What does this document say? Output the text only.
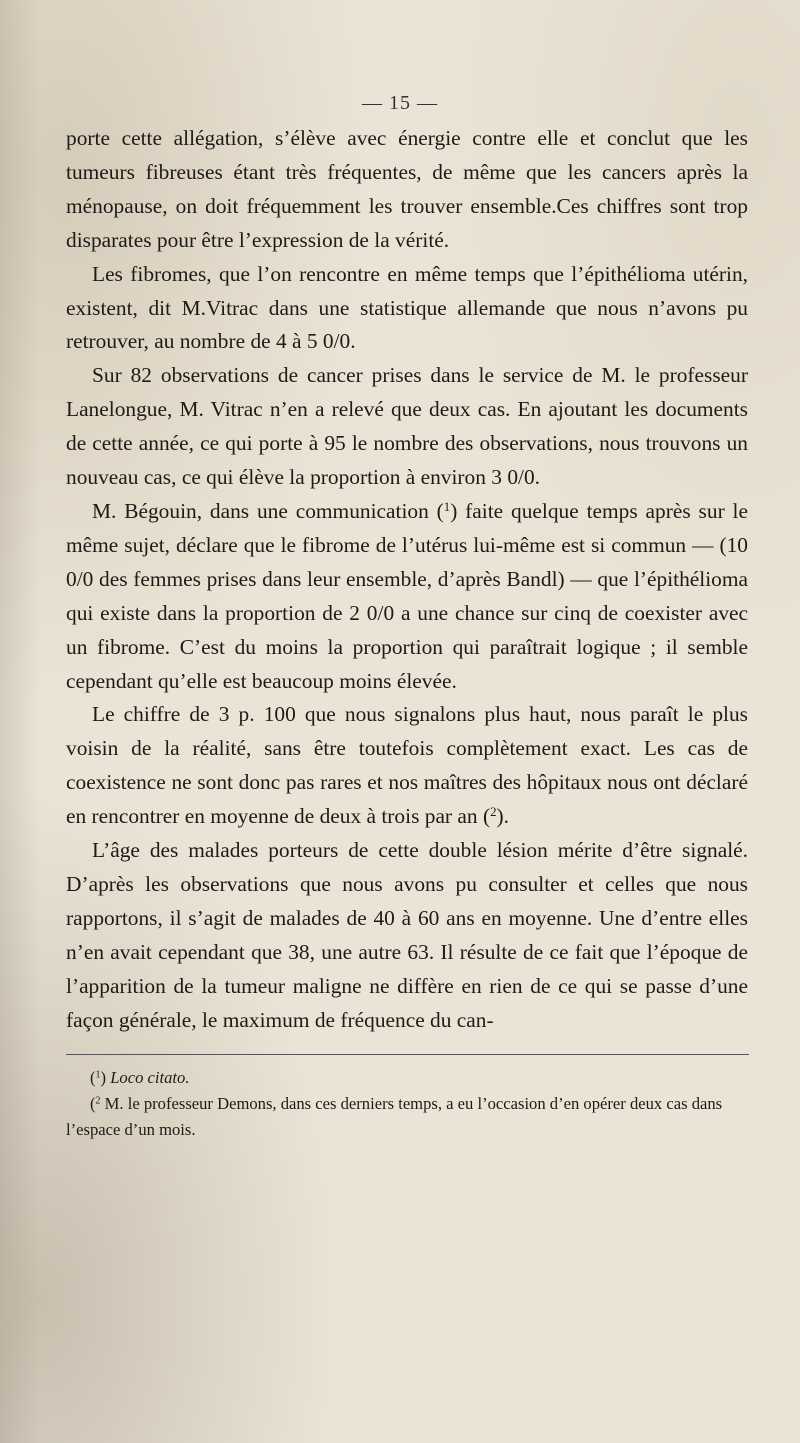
— 15 —

porte cette allégation, s’élève avec énergie contre elle et conclut que les tumeurs fibreuses étant très fréquentes, de même que les cancers après la ménopause, on doit fréquemment les trouver ensemble.Ces chiffres sont trop disparates pour être l’expression de la vérité.

Les fibromes, que l’on rencontre en même temps que l’épithélioma utérin, existent, dit M.Vitrac dans une statistique allemande que nous n’avons pu retrouver, au nombre de 4 à 5 0/0.

Sur 82 observations de cancer prises dans le service de M. le professeur Lanelongue, M. Vitrac n’en a relevé que deux cas. En ajoutant les documents de cette année, ce qui porte à 95 le nombre des observations, nous trouvons un nouveau cas, ce qui élève la proportion à environ 3 0/0.

M. Bégouin, dans une communication ($^1$) faite quelque temps après sur le même sujet, déclare que le fibrome de l’utérus lui-même est si commun — (10 0/0 des femmes prises dans leur ensemble, d’après Bandl) — que l’épithélioma qui existe dans la proportion de 2 0/0 a une chance sur cinq de coexister avec un fibrome. C’est du moins la proportion qui paraîtrait logique ; il semble cependant qu’elle est beaucoup moins élevée.

Le chiffre de 3 p. 100 que nous signalons plus haut, nous paraît le plus voisin de la réalité, sans être toutefois complètement exact. Les cas de coexistence ne sont donc pas rares et nos maîtres des hôpitaux nous ont déclaré en rencontrer en moyenne de deux à trois par an ($^2$).

L’âge des malades porteurs de cette double lésion mérite d’être signalé. D’après les observations que nous avons pu consulter et celles que nous rapportons, il s’agit de malades de 40 à 60 ans en moyenne. Une d’entre elles n’en avait cependant que 38, une autre 63. Il résulte de ce fait que l’époque de l’apparition de la tumeur maligne ne diffère en rien de ce qui se passe d’une façon générale, le maximum de fréquence du can-

($^1$) Loco citato.

($^2$ M. le professeur Demons, dans ces derniers temps, a eu l’occasion d’en opérer deux cas dans l’espace d’un mois.
